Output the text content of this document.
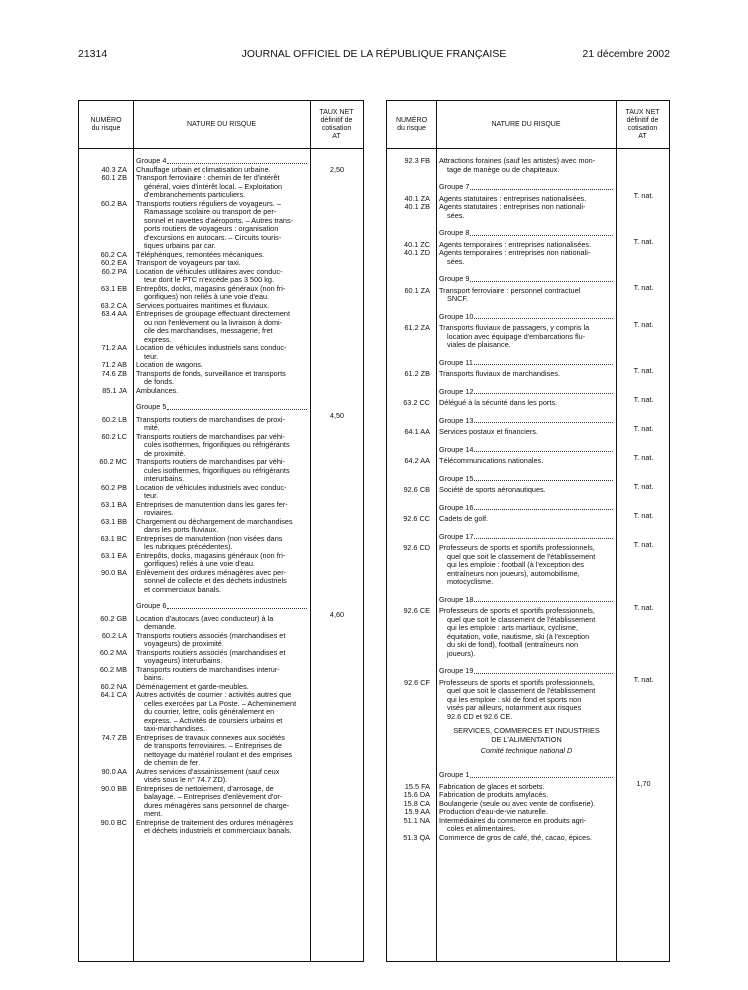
21314	JOURNAL OFFICIEL DE LA RÉPUBLIQUE FRANÇAISE	21 décembre 2002
NUMÉRO
du risque
NATURE DU RISQUE
TAUX NET
définitif de
cotisation
AT
Groupe 4
2,50
40.3 ZA	Chauffage urbain et climatisation urbaine.
60.1 ZB	Transport ferroviaire : chemin de fer d'intérêt
général, voies d'intérêt local. – Exploitation
d'embranchements particuliers.
60.2 BA	Transports routiers réguliers de voyageurs. –
Ramassage scolaire ou transport de per-
sonnel et navettes d'aéroports. – Autres trans-
ports routiers de voyageurs : organisation
d'excursions en autocars. – Circuits touris-
tiques urbains par car.
60.2 CA	Téléphériques, remontées mécaniques.
60.2 EA	Transport de voyageurs par taxi.
60.2 PA	Location de véhicules utilitaires avec conduc-
teur dont le PTC n'excède pas 3 500 kg.
63.1 EB	Entrepôts, docks, magasins généraux (non fri-
gorifiques) non reliés à une voie d'eau.
63.2 CA	Services portuaires maritimes et fluviaux.
63.4 AA	Entreprises de groupage effectuant directement
ou non l'enlèvement ou la livraison à domi-
cile des marchandises, messagerie, fret
express.
71.2 AA	Location de véhicules industriels sans conduc-
teur.
71.2 AB	Location de wagons.
74.6 ZB	Transports de fonds, surveillance et transports
de fonds.
85.1 JA	Ambulances.
Groupe 5
4,50
60.2 LB	Transports routiers de marchandises de proxi-
mité.
60.2 LC	Transports routiers de marchandises par véhi-
cules isothermes, frigorifiques ou réfrigérants
de proximité.
60.2 MC	Transports routiers de marchandises par véhi-
cules isothermes, frigorifiques ou réfrigérants
interurbains.
60.2 PB	Location de véhicules industriels avec conduc-
teur.
63.1 BA	Entreprises de manutention dans les gares fer-
roviaires.
63.1 BB	Chargement ou déchargement de marchandises
dans les ports fluviaux.
63.1 BC	Entreprises de manutention (non visées dans
les rubriques précédentes).
63.1 EA	Entrepôts, docks, magasins généraux (non fri-
gorifiques) reliés à une voie d'eau.
90.0 BA	Enlèvement des ordures ménagères avec per-
sonnel de collecte et des déchets industriels
et commerciaux banals.
Groupe 6
4,60
60.2 GB	Location d'autocars (avec conducteur) à la
demande.
60.2 LA	Transports routiers associés (marchandises et
voyageurs) de proximité.
60.2 MA	Transports routiers associés (marchandises et
voyageurs) interurbains.
60.2 MB	Transports routiers de marchandises interur-
bains.
60.2 NA	Déménagement et garde-meubles.
64.1 CA	Autres activités de courrier : activités autres que
celles exercées par La Poste. – Acheminement
du courrier, lettre, colis généralement en
express. – Activités de coursiers urbains et
taxi-marchandises.
74.7 ZB	Entreprises de travaux connexes aux sociétés
de transports ferroviaires. – Entreprises de
nettoyage du matériel roulant et des emprises
de chemin de fer.
90.0 AA	Autres services d'assainissement (sauf ceux
visés sous le n° 74.7 ZD).
90.0 BB	Entreprises de nettoiement, d'arrosage, de
balayage. – Entreprises d'enlèvement d'or-
dures ménagères sans personnel de charge-
ment.
90.0 BC	Entreprise de traitement des ordures ménagères
et déchets industriels et commerciaux banals.
NUMÉRO
du risque
NATURE DU RISQUE
TAUX NET
définitif de
cotisation
AT
92.3 FB	Attractions foraines (sauf les artistes) avec mon-
tage de manège ou de chapiteaux.
Groupe 7
T. nat.
40.1 ZA	Agents statutaires : entreprises nationalisées.
40.1 ZB	Agents statutaires : entreprises non nationali-
sées.
Groupe 8
T. nat.
40.1 ZC	Agents temporaires : entreprises nationalisées.
40.1 ZD	Agents temporaires : entreprises non nationali-
sées.
Groupe 9
T. nat.
60.1 ZA	Transport ferroviaire : personnel contractuel
SNCF.
Groupe 10
T. nat.
61.2 ZA	Transports fluviaux de passagers, y compris la
location avec équipage d'embarcations flu-
viales de plaisance.
Groupe 11
T. nat.
61.2 ZB	Transports fluviaux de marchandises.
Groupe 12
T. nat.
63.2 CC	Délégué à la sécurité dans les ports.
Groupe 13
T. nat.
64.1 AA	Services postaux et financiers.
Groupe 14
T. nat.
64.2 AA	Télécommunications nationales.
Groupe 15
T. nat.
92.6 CB	Société de sports aéronautiques.
Groupe 16
T. nat.
92.6 CC	Cadets de golf.
Groupe 17
T. nat.
92.6 CD	Professeurs de sports et sportifs professionnels,
quel que soit le classement de l'établissement
qui les emploie : football (à l'exception des
entraîneurs non joueurs), automobilisme,
motocyclisme.
Groupe 18
T. nat.
92.6 CE	Professeurs de sports et sportifs professionnels,
quel que soit le classement de l'établissement
qui les emploie : arts martiaux, cyclisme,
équitation, voile, nautisme, ski (à l'exception
du ski de fond), football (entraîneurs non
joueurs).
Groupe 19
T. nat.
92.6 CF	Professeurs de sports et sportifs professionnels,
quel que soit le classement de l'établissement
qui les emploie : ski de fond et sports non
visés par ailleurs, notamment aux risques
92.6 CD et 92.6 CE.
SERVICES, COMMERCES ET INDUSTRIES
DE L'ALIMENTATION
Comité technique national D
Groupe 1
1,70
15.5 FA	Fabrication de glaces et sorbets.
15.6 DA	Fabrication de produits amylacés.
15.8 CA	Boulangerie (seule ou avec vente de confiserie).
15.9 AA	Production d'eau-de-vie naturelle.
51.1 NA	Intermédiaires du commerce en produits agri-
coles et alimentaires.
51.3 QA	Commerce de gros de café, thé, cacao, épices.
